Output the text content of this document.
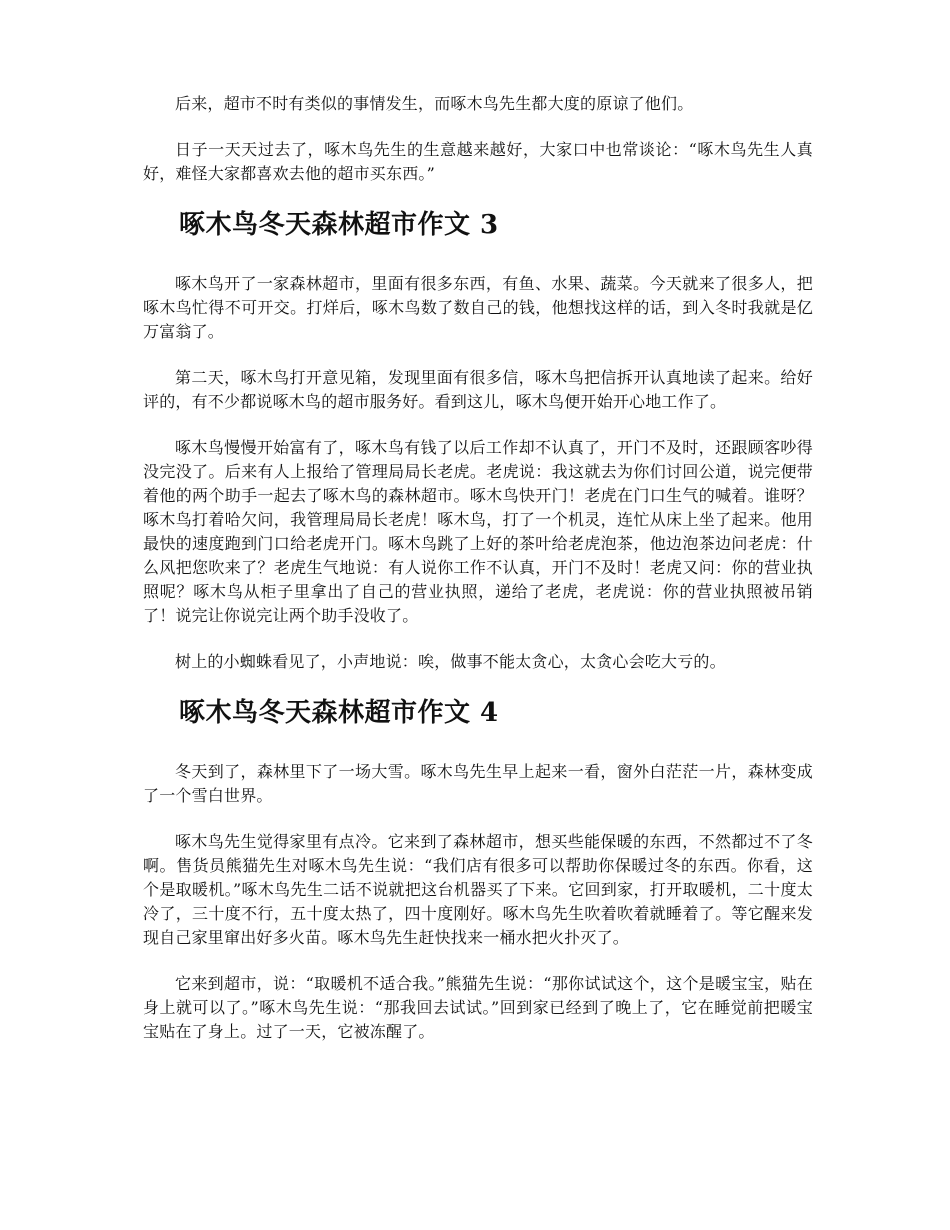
后来，超市不时有类似的事情发生，而啄木鸟先生都大度的原谅了他们。

日子一天天过去了，啄木鸟先生的生意越来越好，大家口中也常谈论：“啄木鸟先生人真好，难怪大家都喜欢去他的超市买东西。”

啄木鸟冬天森林超市作文 3

啄木鸟开了一家森林超市，里面有很多东西，有鱼、水果、蔬菜。今天就来了很多人，把啄木鸟忙得不可开交。打烊后，啄木鸟数了数自己的钱，他想找这样的话，到入冬时我就是亿万富翁了。

第二天，啄木鸟打开意见箱，发现里面有很多信，啄木鸟把信拆开认真地读了起来。给好评的，有不少都说啄木鸟的超市服务好。看到这儿，啄木鸟便开始开心地工作了。

啄木鸟慢慢开始富有了，啄木鸟有钱了以后工作却不认真了，开门不及时，还跟顾客吵得没完没了。后来有人上报给了管理局局长老虎。老虎说：我这就去为你们讨回公道，说完便带着他的两个助手一起去了啄木鸟的森林超市。啄木鸟快开门！老虎在门口生气的喊着。谁呀？啄木鸟打着哈欠问，我管理局局长老虎！啄木鸟，打了一个机灵，连忙从床上坐了起来。他用最快的速度跑到门口给老虎开门。啄木鸟跳了上好的茶叶给老虎泡茶，他边泡茶边问老虎：什么风把您吹来了？老虎生气地说：有人说你工作不认真，开门不及时！老虎又问：你的营业执照呢？啄木鸟从柜子里拿出了自己的营业执照，递给了老虎，老虎说：你的营业执照被吊销了！说完让你说完让两个助手没收了。

树上的小蜘蛛看见了，小声地说：唉，做事不能太贪心，太贪心会吃大亏的。

啄木鸟冬天森林超市作文 4

冬天到了，森林里下了一场大雪。啄木鸟先生早上起来一看，窗外白茫茫一片，森林变成了一个雪白世界。

啄木鸟先生觉得家里有点冷。它来到了森林超市，想买些能保暖的东西，不然都过不了冬啊。售货员熊猫先生对啄木鸟先生说：“我们店有很多可以帮助你保暖过冬的东西。你看，这个是取暖机。”啄木鸟先生二话不说就把这台机器买了下来。它回到家，打开取暖机，二十度太冷了，三十度不行，五十度太热了，四十度刚好。啄木鸟先生吹着吹着就睡着了。等它醒来发现自己家里窜出好多火苗。啄木鸟先生赶快找来一桶水把火扑灭了。

它来到超市，说：“取暖机不适合我。”熊猫先生说：“那你试试这个，这个是暖宝宝，贴在身上就可以了。”啄木鸟先生说：“那我回去试试。”回到家已经到了晚上了，它在睡觉前把暖宝宝贴在了身上。过了一天，它被冻醒了。
